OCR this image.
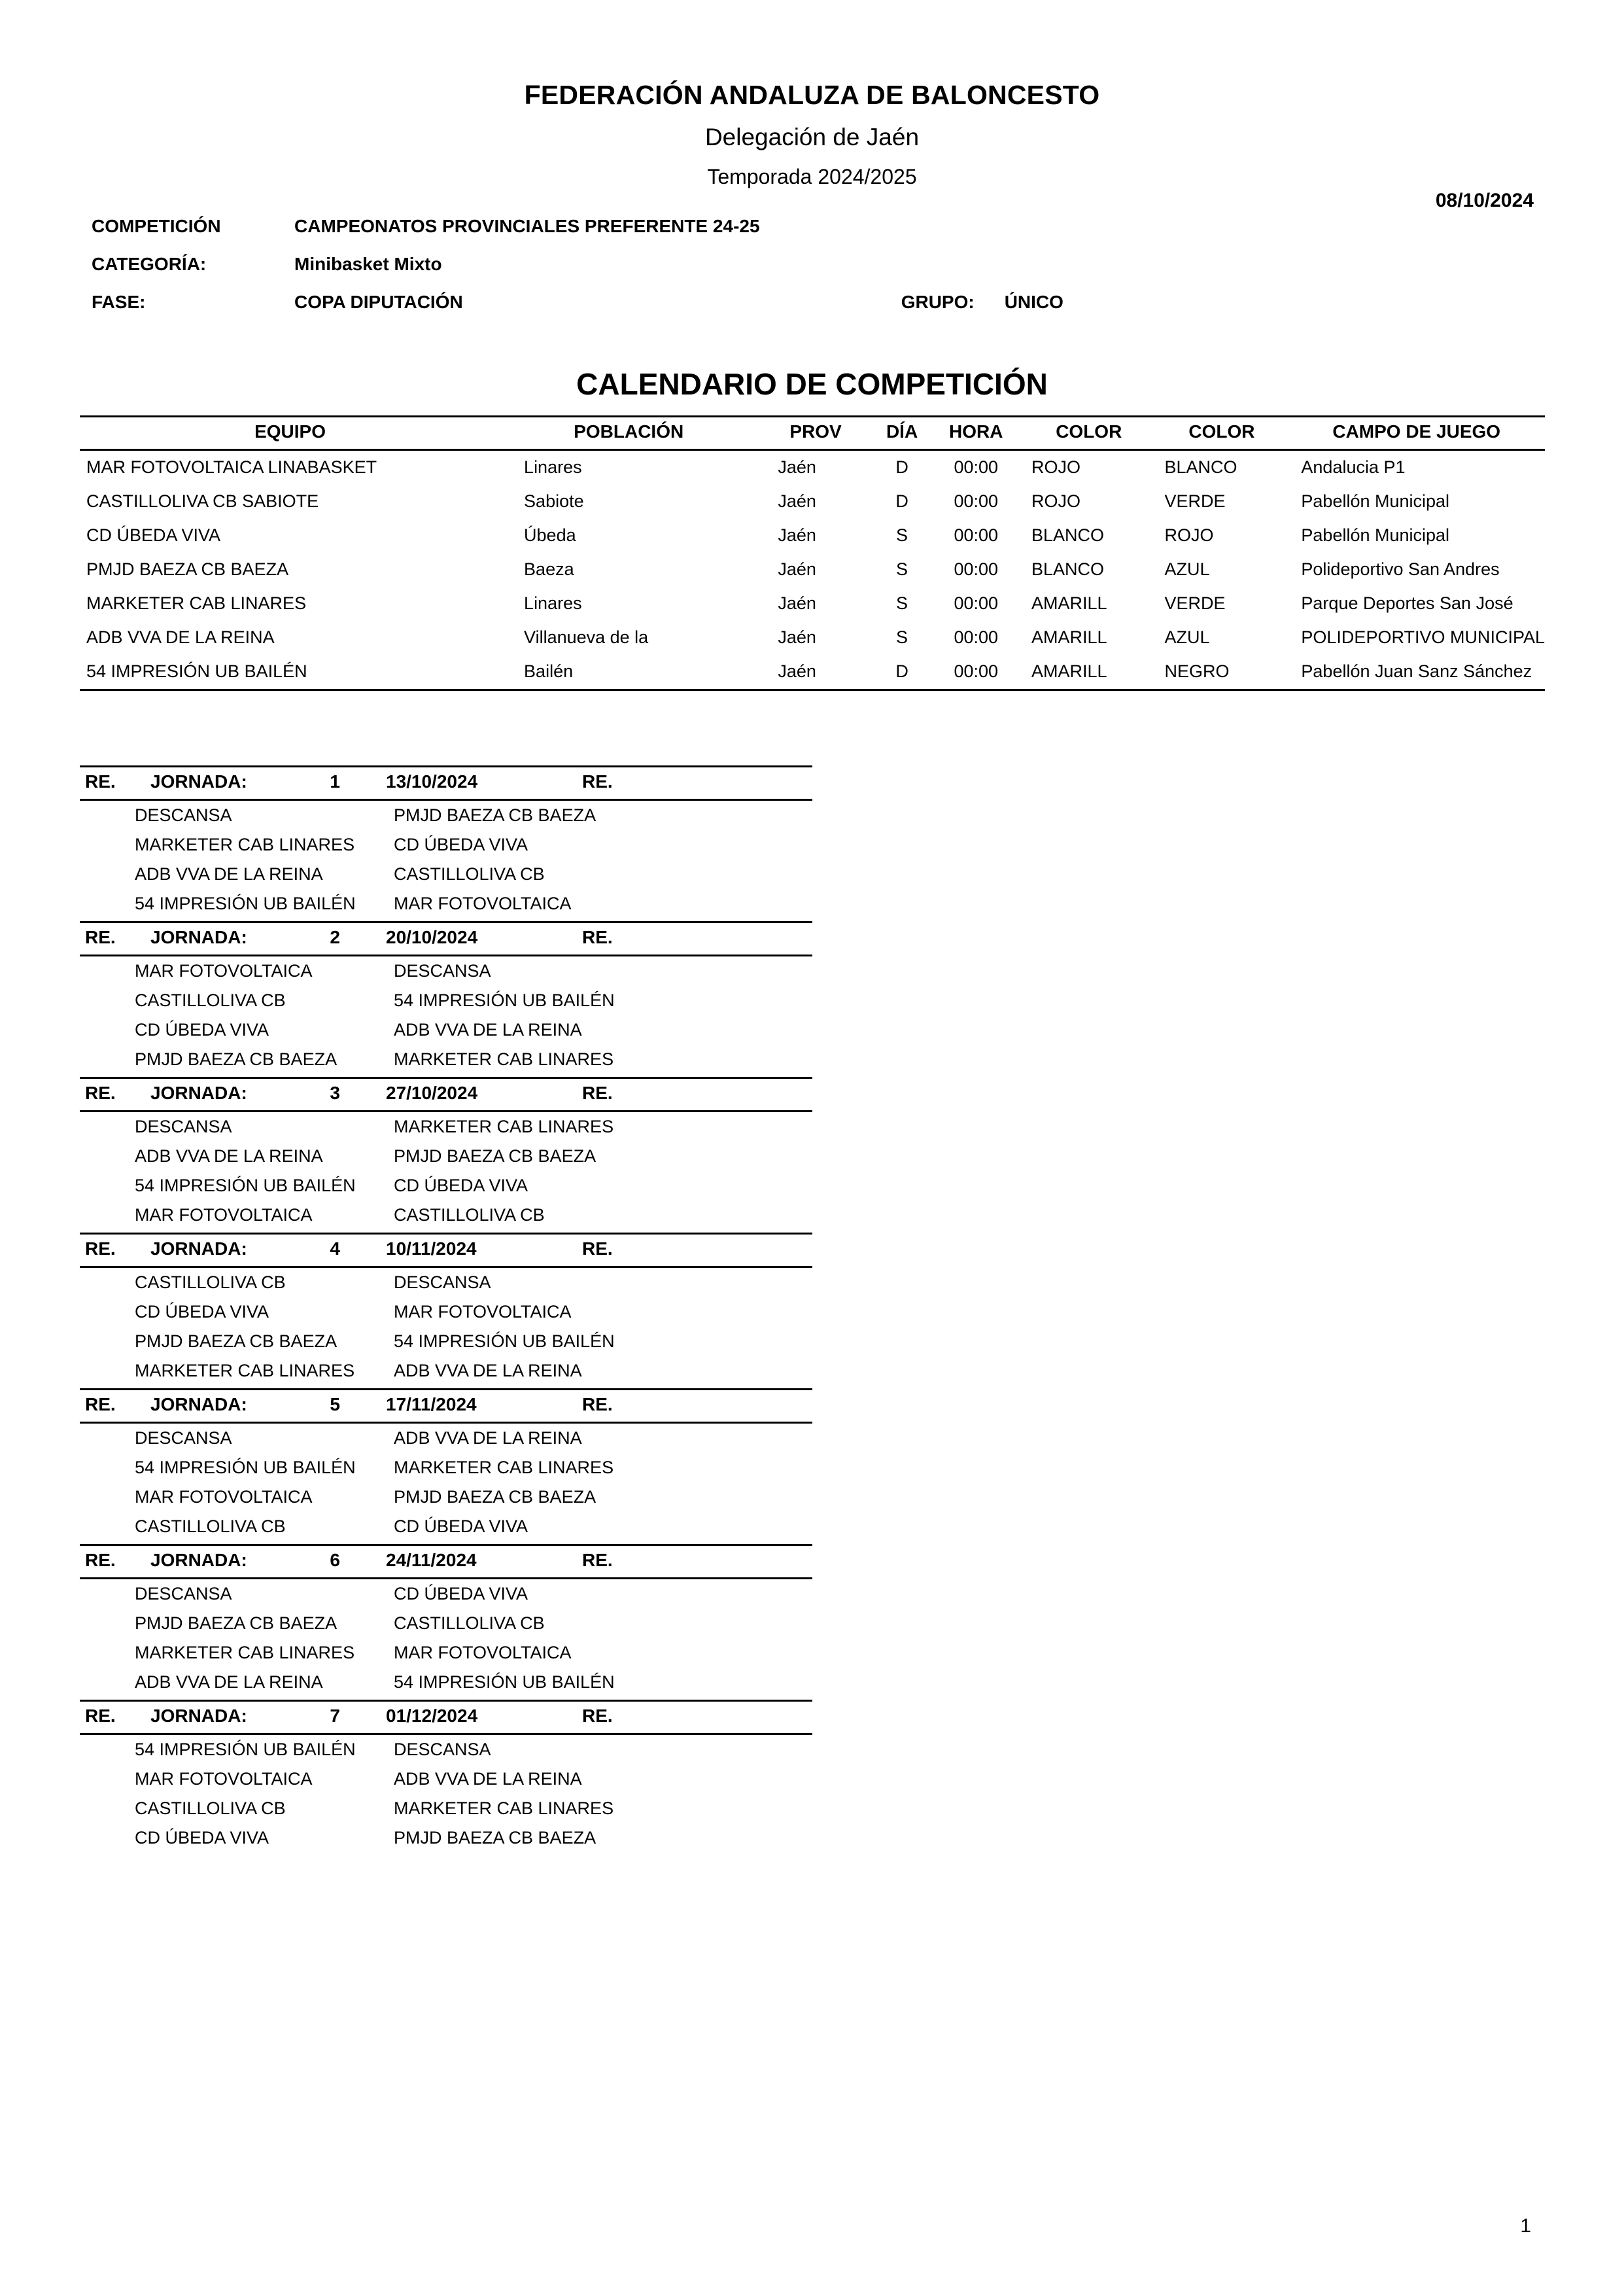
FEDERACIÓN ANDALUZA DE BALONCESTO
Delegación de Jaén
Temporada 2024/2025
08/10/2024
COMPETICIÓN	CAMPEONATOS PROVINCIALES PREFERENTE 24-25
CATEGORÍA:	Minibasket Mixto
FASE:	COPA DIPUTACIÓN	GRUPO: ÚNICO
CALENDARIO DE COMPETICIÓN
EQUIPO	POBLACIÓN	PROV	DÍA	HORA	COLOR	COLOR	CAMPO DE JUEGO
MAR FOTOVOLTAICA LINABASKET	Linares	Jaén	D	00:00	ROJO	BLANCO	Andalucia P1
CASTILLOLIVA CB SABIOTE	Sabiote	Jaén	D	00:00	ROJO	VERDE	Pabellón Municipal
CD ÚBEDA VIVA	Úbeda	Jaén	S	00:00	BLANCO	ROJO	Pabellón Municipal
PMJD BAEZA CB BAEZA	Baeza	Jaén	S	00:00	BLANCO	AZUL	Polideportivo San Andres
MARKETER CAB LINARES	Linares	Jaén	S	00:00	AMARILL	VERDE	Parque Deportes San José
ADB VVA DE LA REINA	Villanueva de la	Jaén	S	00:00	AMARILL	AZUL	POLIDEPORTIVO MUNICIPAL
54 IMPRESIÓN UB BAILÉN	Bailén	Jaén	D	00:00	AMARILL	NEGRO	Pabellón Juan Sanz Sánchez
RE.	JORNADA:	1	13/10/2024	RE.
DESCANSA	PMJD BAEZA CB BAEZA
MARKETER CAB LINARES	CD ÚBEDA VIVA
ADB VVA DE LA REINA	CASTILLOLIVA CB
54 IMPRESIÓN UB BAILÉN	MAR FOTOVOLTAICA
RE.	JORNADA:	2	20/10/2024	RE.
MAR FOTOVOLTAICA	DESCANSA
CASTILLOLIVA CB	54 IMPRESIÓN UB BAILÉN
CD ÚBEDA VIVA	ADB VVA DE LA REINA
PMJD BAEZA CB BAEZA	MARKETER CAB LINARES
RE.	JORNADA:	3	27/10/2024	RE.
DESCANSA	MARKETER CAB LINARES
ADB VVA DE LA REINA	PMJD BAEZA CB BAEZA
54 IMPRESIÓN UB BAILÉN	CD ÚBEDA VIVA
MAR FOTOVOLTAICA	CASTILLOLIVA CB
RE.	JORNADA:	4	10/11/2024	RE.
CASTILLOLIVA CB	DESCANSA
CD ÚBEDA VIVA	MAR FOTOVOLTAICA
PMJD BAEZA CB BAEZA	54 IMPRESIÓN UB BAILÉN
MARKETER CAB LINARES	ADB VVA DE LA REINA
RE.	JORNADA:	5	17/11/2024	RE.
DESCANSA	ADB VVA DE LA REINA
54 IMPRESIÓN UB BAILÉN	MARKETER CAB LINARES
MAR FOTOVOLTAICA	PMJD BAEZA CB BAEZA
CASTILLOLIVA CB	CD ÚBEDA VIVA
RE.	JORNADA:	6	24/11/2024	RE.
DESCANSA	CD ÚBEDA VIVA
PMJD BAEZA CB BAEZA	CASTILLOLIVA CB
MARKETER CAB LINARES	MAR FOTOVOLTAICA
ADB VVA DE LA REINA	54 IMPRESIÓN UB BAILÉN
RE.	JORNADA:	7	01/12/2024	RE.
54 IMPRESIÓN UB BAILÉN	DESCANSA
MAR FOTOVOLTAICA	ADB VVA DE LA REINA
CASTILLOLIVA CB	MARKETER CAB LINARES
CD ÚBEDA VIVA	PMJD BAEZA CB BAEZA
1
